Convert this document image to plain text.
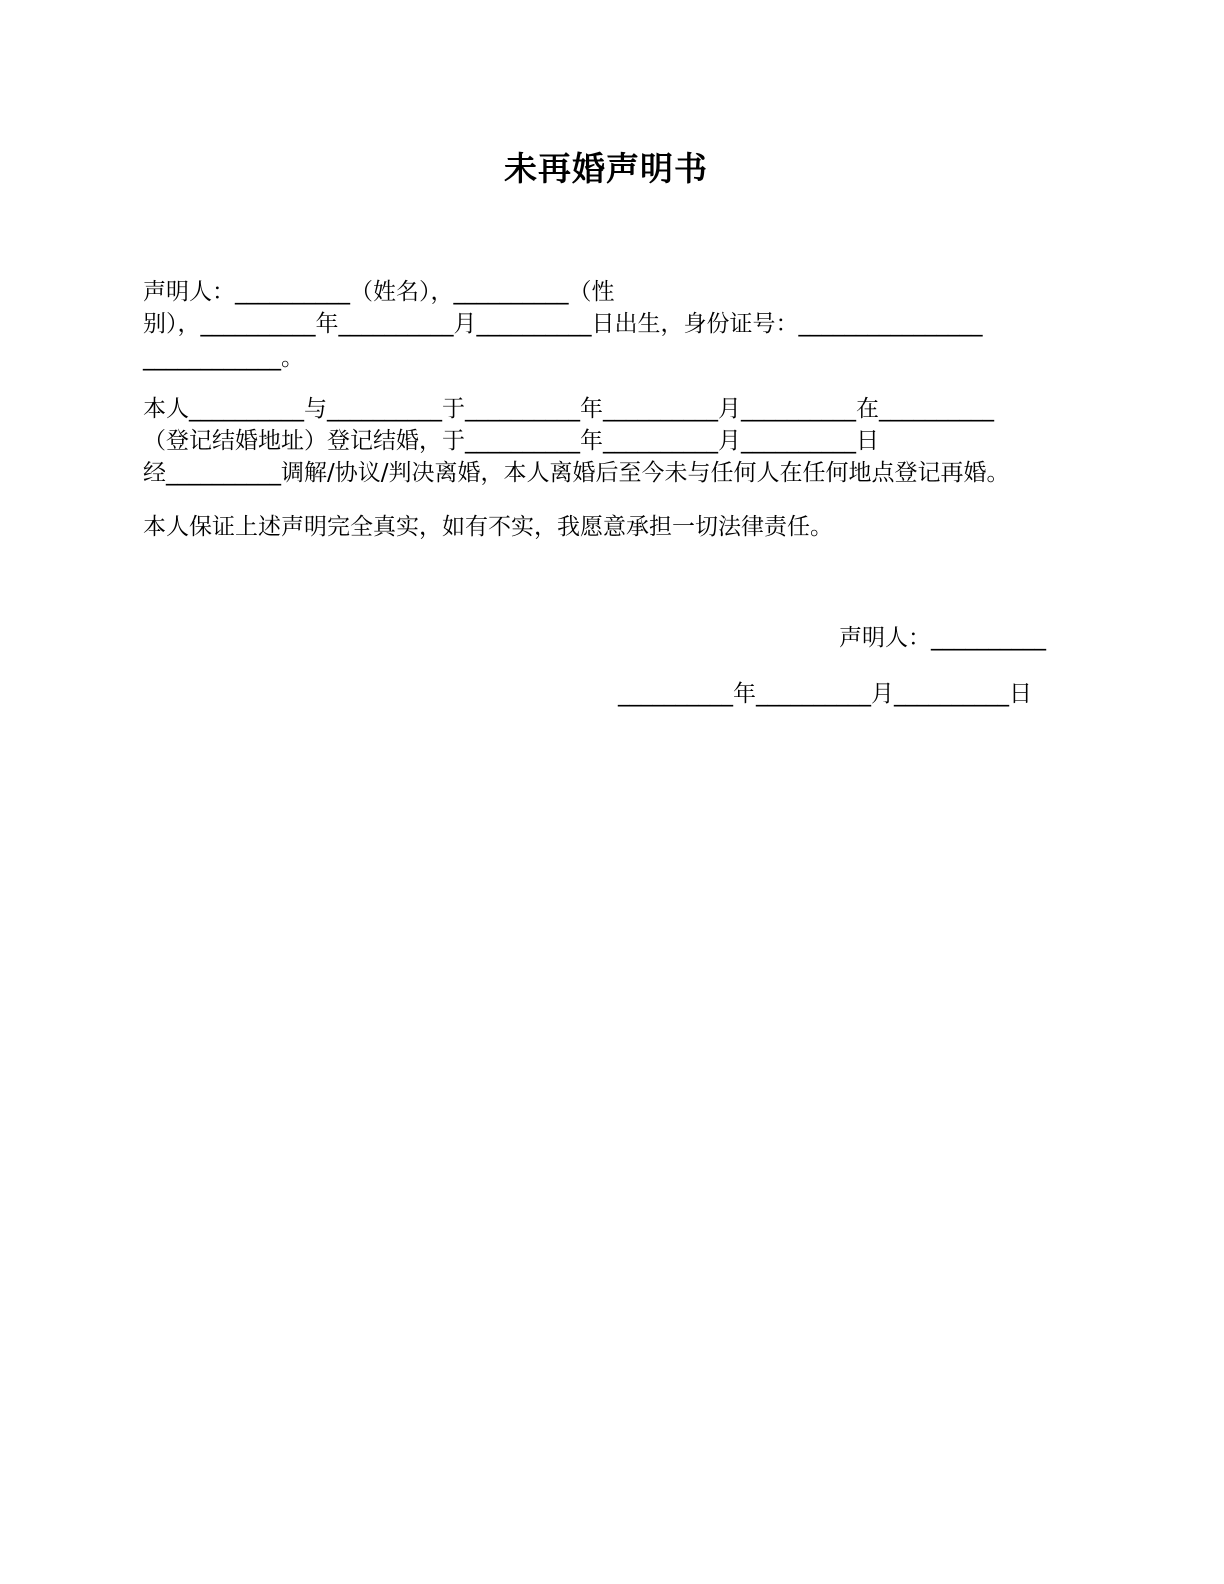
未再婚声明书
声明人：__________（姓名），__________（性
别），__________年__________月__________日出生，身份证号：________________
____________。
本人__________与__________于__________年__________月__________在__________
（登记结婚地址）登记结婚，于__________年__________月__________日
经__________调解/协议/判决离婚，本人离婚后至今未与任何人在任何地点登记再婚。
本人保证上述声明完全真实，如有不实，我愿意承担一切法律责任。
声明人：__________
__________年__________月__________日
